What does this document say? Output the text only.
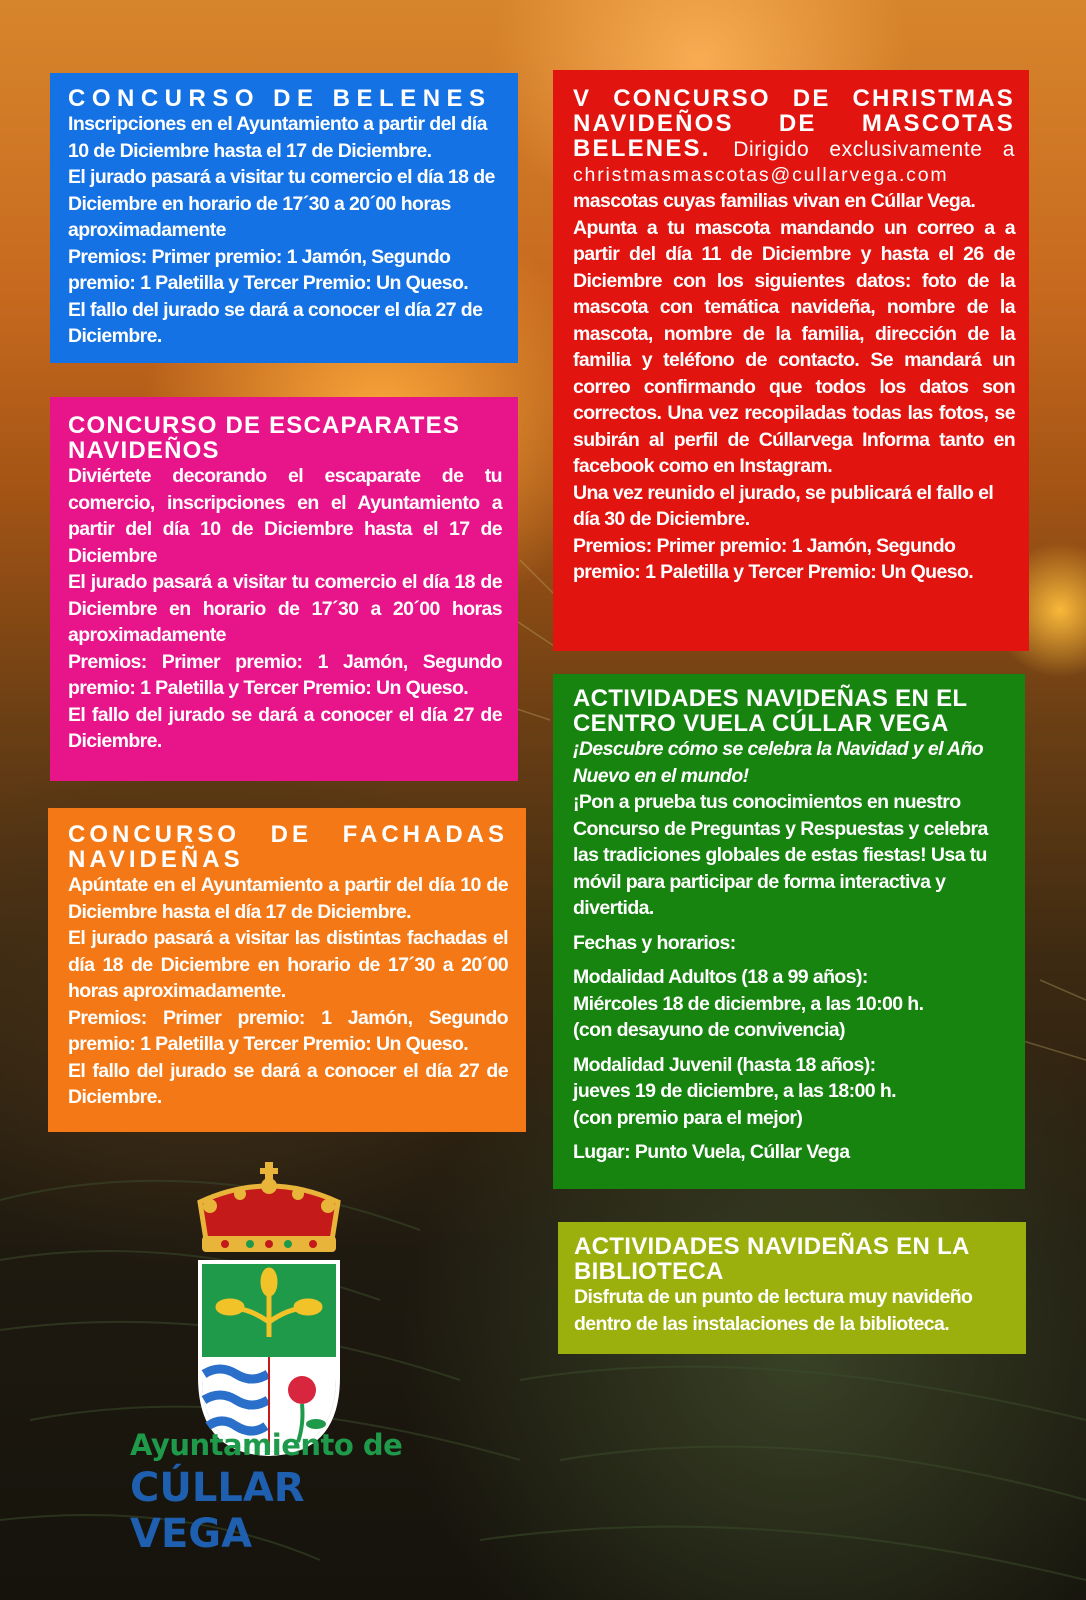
CONCURSO DE BELENES
Inscripciones en el Ayuntamiento a partir del día 10 de Diciembre hasta el 17 de Diciembre.
El jurado pasará a visitar tu comercio el día 18 de Diciembre en horario de 17´30 a 20´00 horas aproximadamente
Premios: Primer premio: 1 Jamón, Segundo premio: 1 Paletilla y Tercer Premio: Un Queso.
El fallo del jurado se dará a conocer el día 27 de Diciembre.
CONCURSO DE ESCAPARATES NAVIDEÑOS
Diviértete decorando el escaparate de tu comercio, inscripciones en el Ayuntamiento a partir del día 10 de Diciembre hasta el 17 de Diciembre
El jurado pasará a visitar tu comercio el día 18 de Diciembre en horario de 17´30 a 20´00 horas aproximadamente
Premios: Primer premio: 1 Jamón, Segundo premio: 1 Paletilla y Tercer Premio: Un Queso.
El fallo del jurado se dará a conocer el día 27 de Diciembre.
CONCURSO DE FACHADAS NAVIDEÑAS
Apúntate en el Ayuntamiento a partir del día 10 de Diciembre hasta el día 17 de Diciembre.
El jurado pasará a visitar las distintas fachadas el día 18 de Diciembre en horario de 17´30 a 20´00 horas aproximadamente.
Premios: Primer premio: 1 Jamón, Segundo premio: 1 Paletilla y Tercer Premio: Un Queso.
El fallo del jurado se dará a conocer el día 27 de Diciembre.
V CONCURSO DE CHRISTMAS NAVIDEÑOS DE MASCOTAS BELENES. Dirigido exclusivamente a
christmasmascotas@cullarvega.com
mascotas cuyas familias vivan en Cúllar Vega.
Apunta a tu mascota mandando un correo a a partir del día 11 de Diciembre y hasta el 26 de Diciembre con los siguientes datos: foto de la mascota con temática navideña, nombre de la mascota, nombre de la familia, dirección de la familia y teléfono de contacto. Se mandará un correo confirmando que todos los datos son correctos. Una vez recopiladas todas las fotos, se subirán al perfil de Cúllarvega Informa tanto en facebook como en Instagram.
Una vez reunido el jurado, se publicará el fallo el día 30 de Diciembre.
Premios: Primer premio: 1 Jamón, Segundo premio: 1 Paletilla y Tercer Premio: Un Queso.
ACTIVIDADES NAVIDEÑAS EN EL CENTRO VUELA CÚLLAR VEGA
¡Descubre cómo se celebra la Navidad y el Año Nuevo en el mundo!
¡Pon a prueba tus conocimientos en nuestro Concurso de Preguntas y Respuestas y celebra las tradiciones globales de estas fiestas! Usa tu móvil para participar de forma interactiva y divertida.
Fechas y horarios:
Modalidad Adultos (18 a 99 años):
Miércoles 18 de diciembre, a las 10:00 h.
(con desayuno de convivencia)
Modalidad Juvenil (hasta 18 años):
jueves 19 de diciembre, a las 18:00 h.
(con premio para el mejor)
Lugar: Punto Vuela, Cúllar Vega
ACTIVIDADES NAVIDEÑAS EN LA BIBLIOTECA
Disfruta de un punto de lectura muy navideño dentro de las instalaciones de la biblioteca.
Ayuntamiento de
CÚLLAR VEGA
